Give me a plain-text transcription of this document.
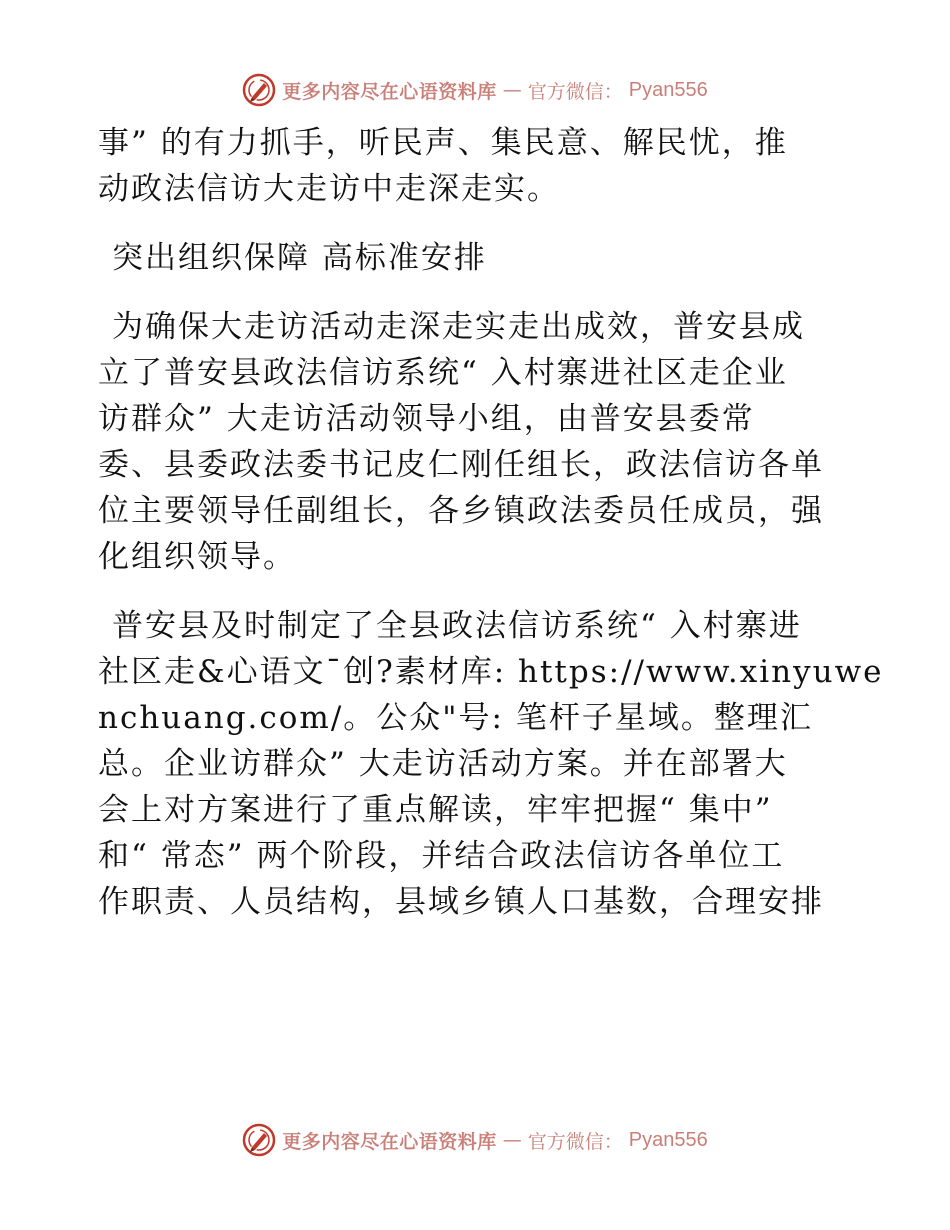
更多内容尽在心语资料库 — 官方微信： Pyan556
事” 的有力抓手，听民声、集民意、解民忧，推
动政法信访大走访中走深走实。
突出组织保障 高标准安排
为确保大走访活动走深走实走出成效，普安县成
立了普安县政法信访系统“ 入村寨进社区走企业
访群众” 大走访活动领导小组，由普安县委常
委、县委政法委书记皮仁刚任组长，政法信访各单
位主要领导任副组长，各乡镇政法委员任成员，强
化组织领导。
普安县及时制定了全县政法信访系统“ 入村寨进
社区走&心语文¯创?素材库: https://www.xinyuwe
nchuang.com/。公众"号: 笔杆子星域。整理汇
总。企业访群众” 大走访活动方案。并在部署大
会上对方案进行了重点解读，牢牢把握“ 集中”
和“ 常态” 两个阶段，并结合政法信访各单位工
作职责、人员结构，县域乡镇人口基数，合理安排
更多内容尽在心语资料库 — 官方微信： Pyan556
